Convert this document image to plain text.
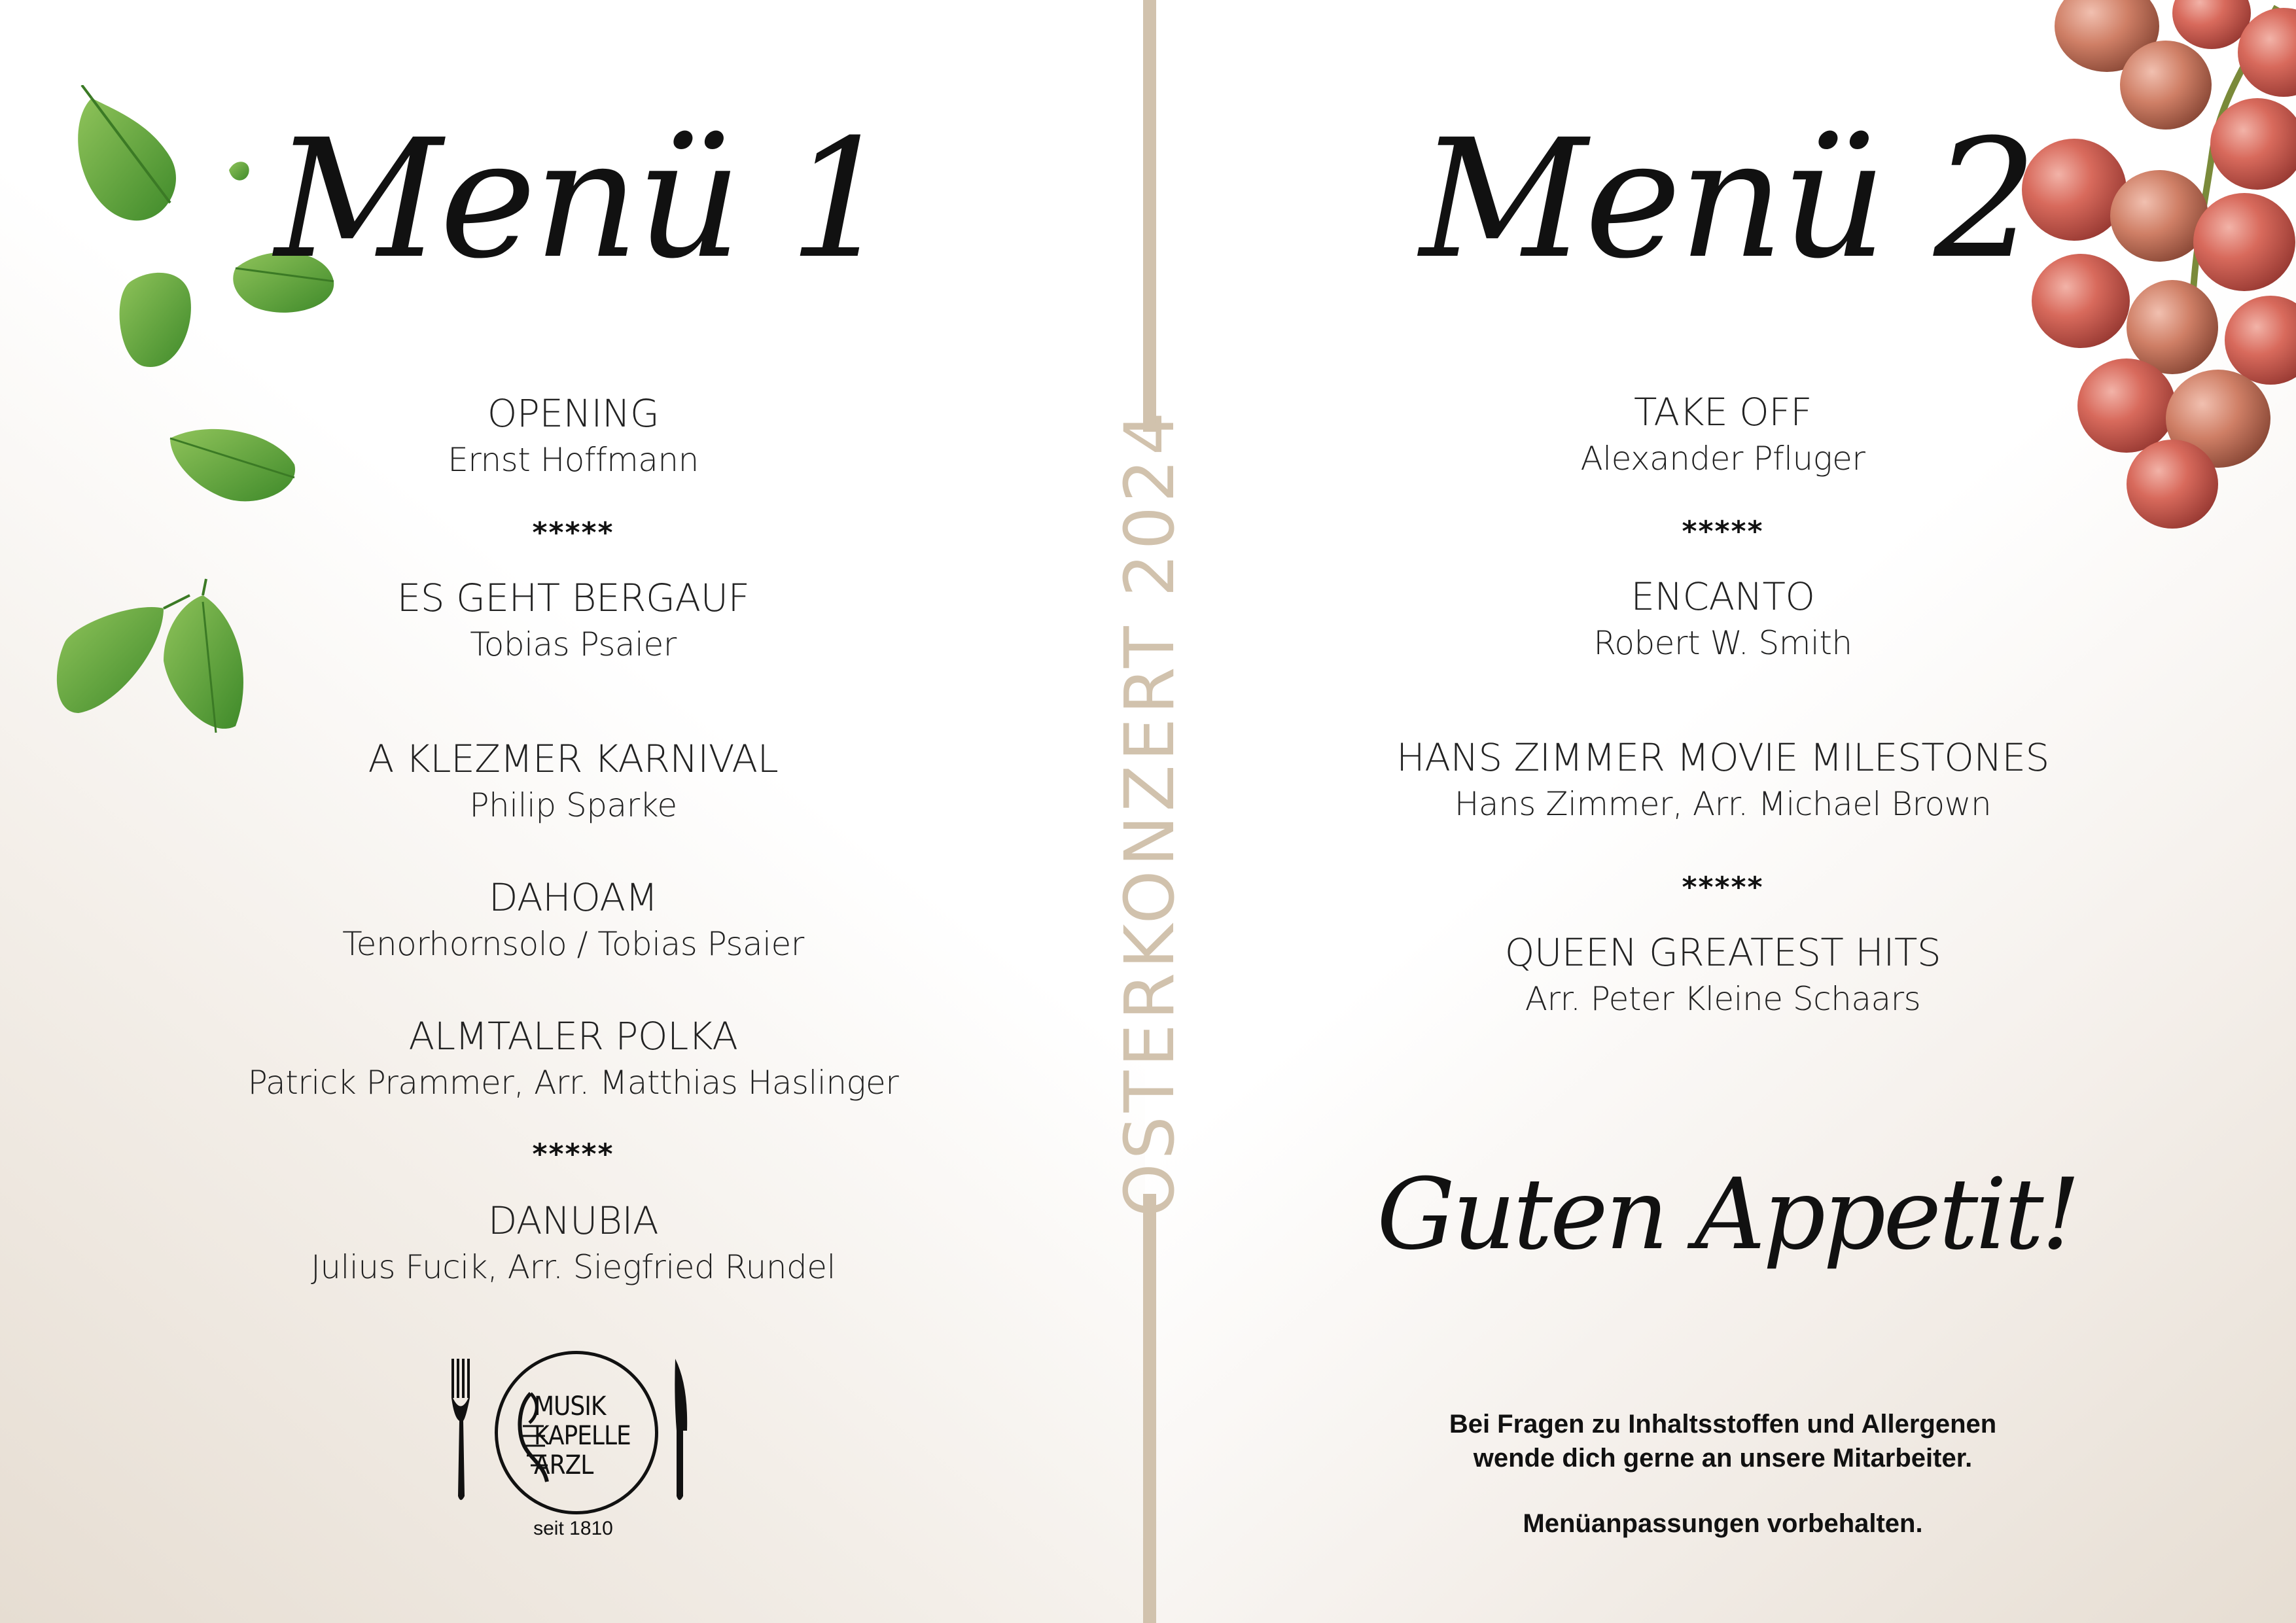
Menü 1
OPENING
Ernst Hoffmann
*****
ES GEHT BERGAUF
Tobias Psaier
A KLEZMER KARNIVAL
Philip Sparke
DAHOAM
Tenorhornsolo / Tobias Psaier
ALMTALER POLKA
Patrick Prammer, Arr. Matthias Haslinger
*****
DANUBIA
Julius Fucik, Arr. Siegfried Rundel
MUSIK
KAPELLE
ARZL
seit 1810
Menü 2
TAKE OFF
Alexander Pfluger
*****
ENCANTO
Robert W. Smith
HANS ZIMMER MOVIE MILESTONES
Hans Zimmer, Arr. Michael Brown
*****
QUEEN GREATEST HITS
Arr. Peter Kleine Schaars
Guten Appetit!
Bei Fragen zu Inhaltsstoffen und Allergenen
wende dich gerne an unsere Mitarbeiter.
Menüanpassungen vorbehalten.
OSTERKONZERT 2024
